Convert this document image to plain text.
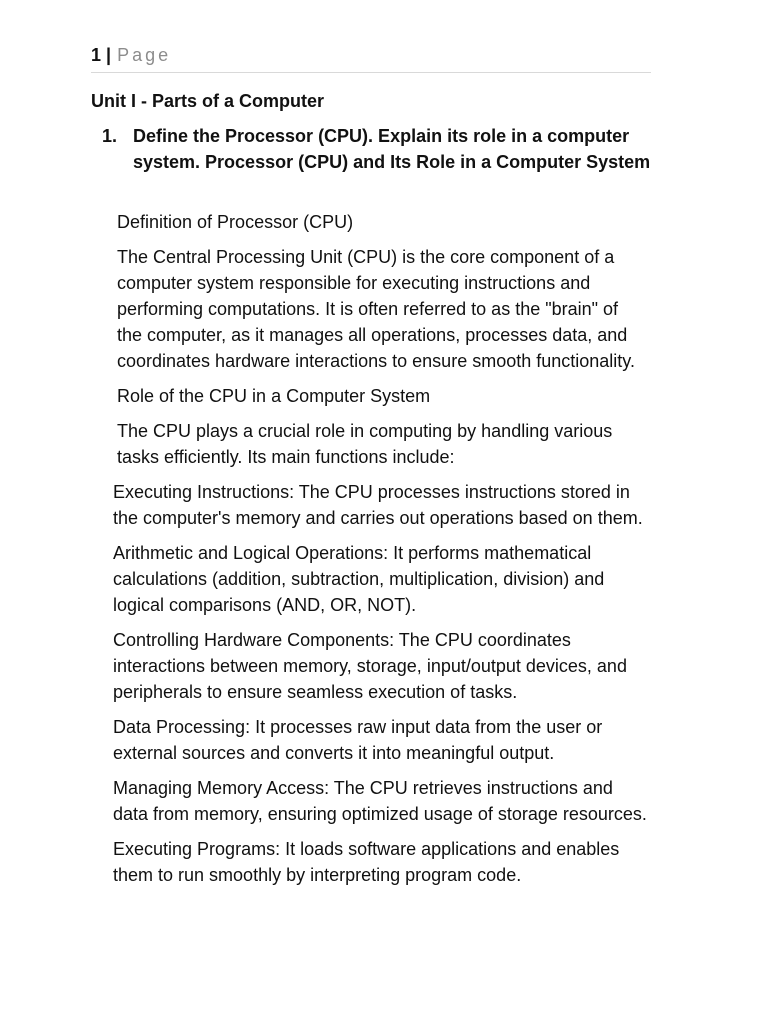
1 | Page
Unit I - Parts of a Computer
1. Define the Processor (CPU). Explain its role in a computer system. Processor (CPU) and Its Role in a Computer System

Definition of Processor (CPU)

The Central Processing Unit (CPU) is the core component of a computer system responsible for executing instructions and performing computations. It is often referred to as the "brain" of the computer, as it manages all operations, processes data, and coordinates hardware interactions to ensure smooth functionality.

Role of the CPU in a Computer System

The CPU plays a crucial role in computing by handling various tasks efficiently. Its main functions include:

Executing Instructions: The CPU processes instructions stored in the computer's memory and carries out operations based on them.

Arithmetic and Logical Operations: It performs mathematical calculations (addition, subtraction, multiplication, division) and logical comparisons (AND, OR, NOT).

Controlling Hardware Components: The CPU coordinates interactions between memory, storage, input/output devices, and peripherals to ensure seamless execution of tasks.

Data Processing: It processes raw input data from the user or external sources and converts it into meaningful output.

Managing Memory Access: The CPU retrieves instructions and data from memory, ensuring optimized usage of storage resources.

Executing Programs: It loads software applications and enables them to run smoothly by interpreting program code.
